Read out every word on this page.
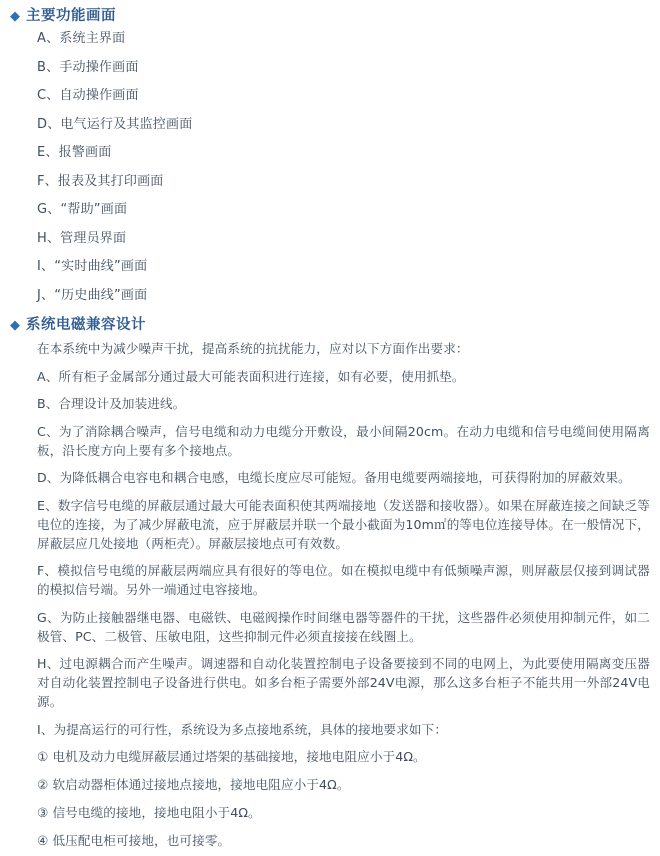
◆ 主要功能画面
A、系统主界面
B、手动操作画面
C、自动操作画面
D、电气运行及其监控画面
E、报警画面
F、报表及其打印画面
G、“帮助”画面
H、管理员界面
I、“实时曲线”画面
J、“历史曲线”画面
◆ 系统电磁兼容设计

在本系统中为减少噪声干扰，提高系统的抗扰能力，应对以下方面作出要求：

A、所有柜子金属部分通过最大可能表面积进行连接，如有必要，使用抓垫。

B、合理设计及加装进线。

C、为了消除耦合噪声，信号电缆和动力电缆分开敷设，最小间隔20cm。在动力电缆和信号电缆间使用隔离板，沿长度方向上要有多个接地点。

D、为降低耦合电容电和耦合电感，电缆长度应尽可能短。备用电缆要两端接地，可获得附加的屏蔽效果。

E、数字信号电缆的屏蔽层通过最大可能表面积使其两端接地（发送器和接收器）。如果在屏蔽连接之间缺乏等电位的连接，为了减少屏蔽电流，应于屏蔽层并联一个最小截面为10m㎡的等电位连接导体。在一般情况下，屏蔽层应几处接地（两柜壳）。屏蔽层接地点可有效数。

F、模拟信号电缆的屏蔽层两端应具有很好的等电位。如在模拟电缆中有低频噪声源，则屏蔽层仅接到调试器的模拟信号端。另外一端通过电容接地。

G、为防止接触器继电器、电磁铁、电磁阀操作时间继电器等器件的干扰，这些器件必须使用抑制元件，如二极管、PC、二极管、压敏电阻，这些抑制元件必须直接接在线圈上。

H、过电源耦合而产生噪声。调速器和自动化装置控制电子设备要接到不同的电网上，为此要使用隔离变压器对自动化装置控制电子设备进行供电。如多台柜子需要外部24V电源，那么这多台柜子不能共用一外部24V电源。

I、为提高运行的可行性，系统设为多点接地系统，具体的接地要求如下：

① 电机及动力电缆屏蔽层通过塔架的基础接地，接地电阻应小于4Ω。

② 软启动器柜体通过接地点接地，接地电阻应小于4Ω。

③ 信号电缆的接地，接地电阻小于4Ω。

④ 低压配电柜可接地，也可接零。
